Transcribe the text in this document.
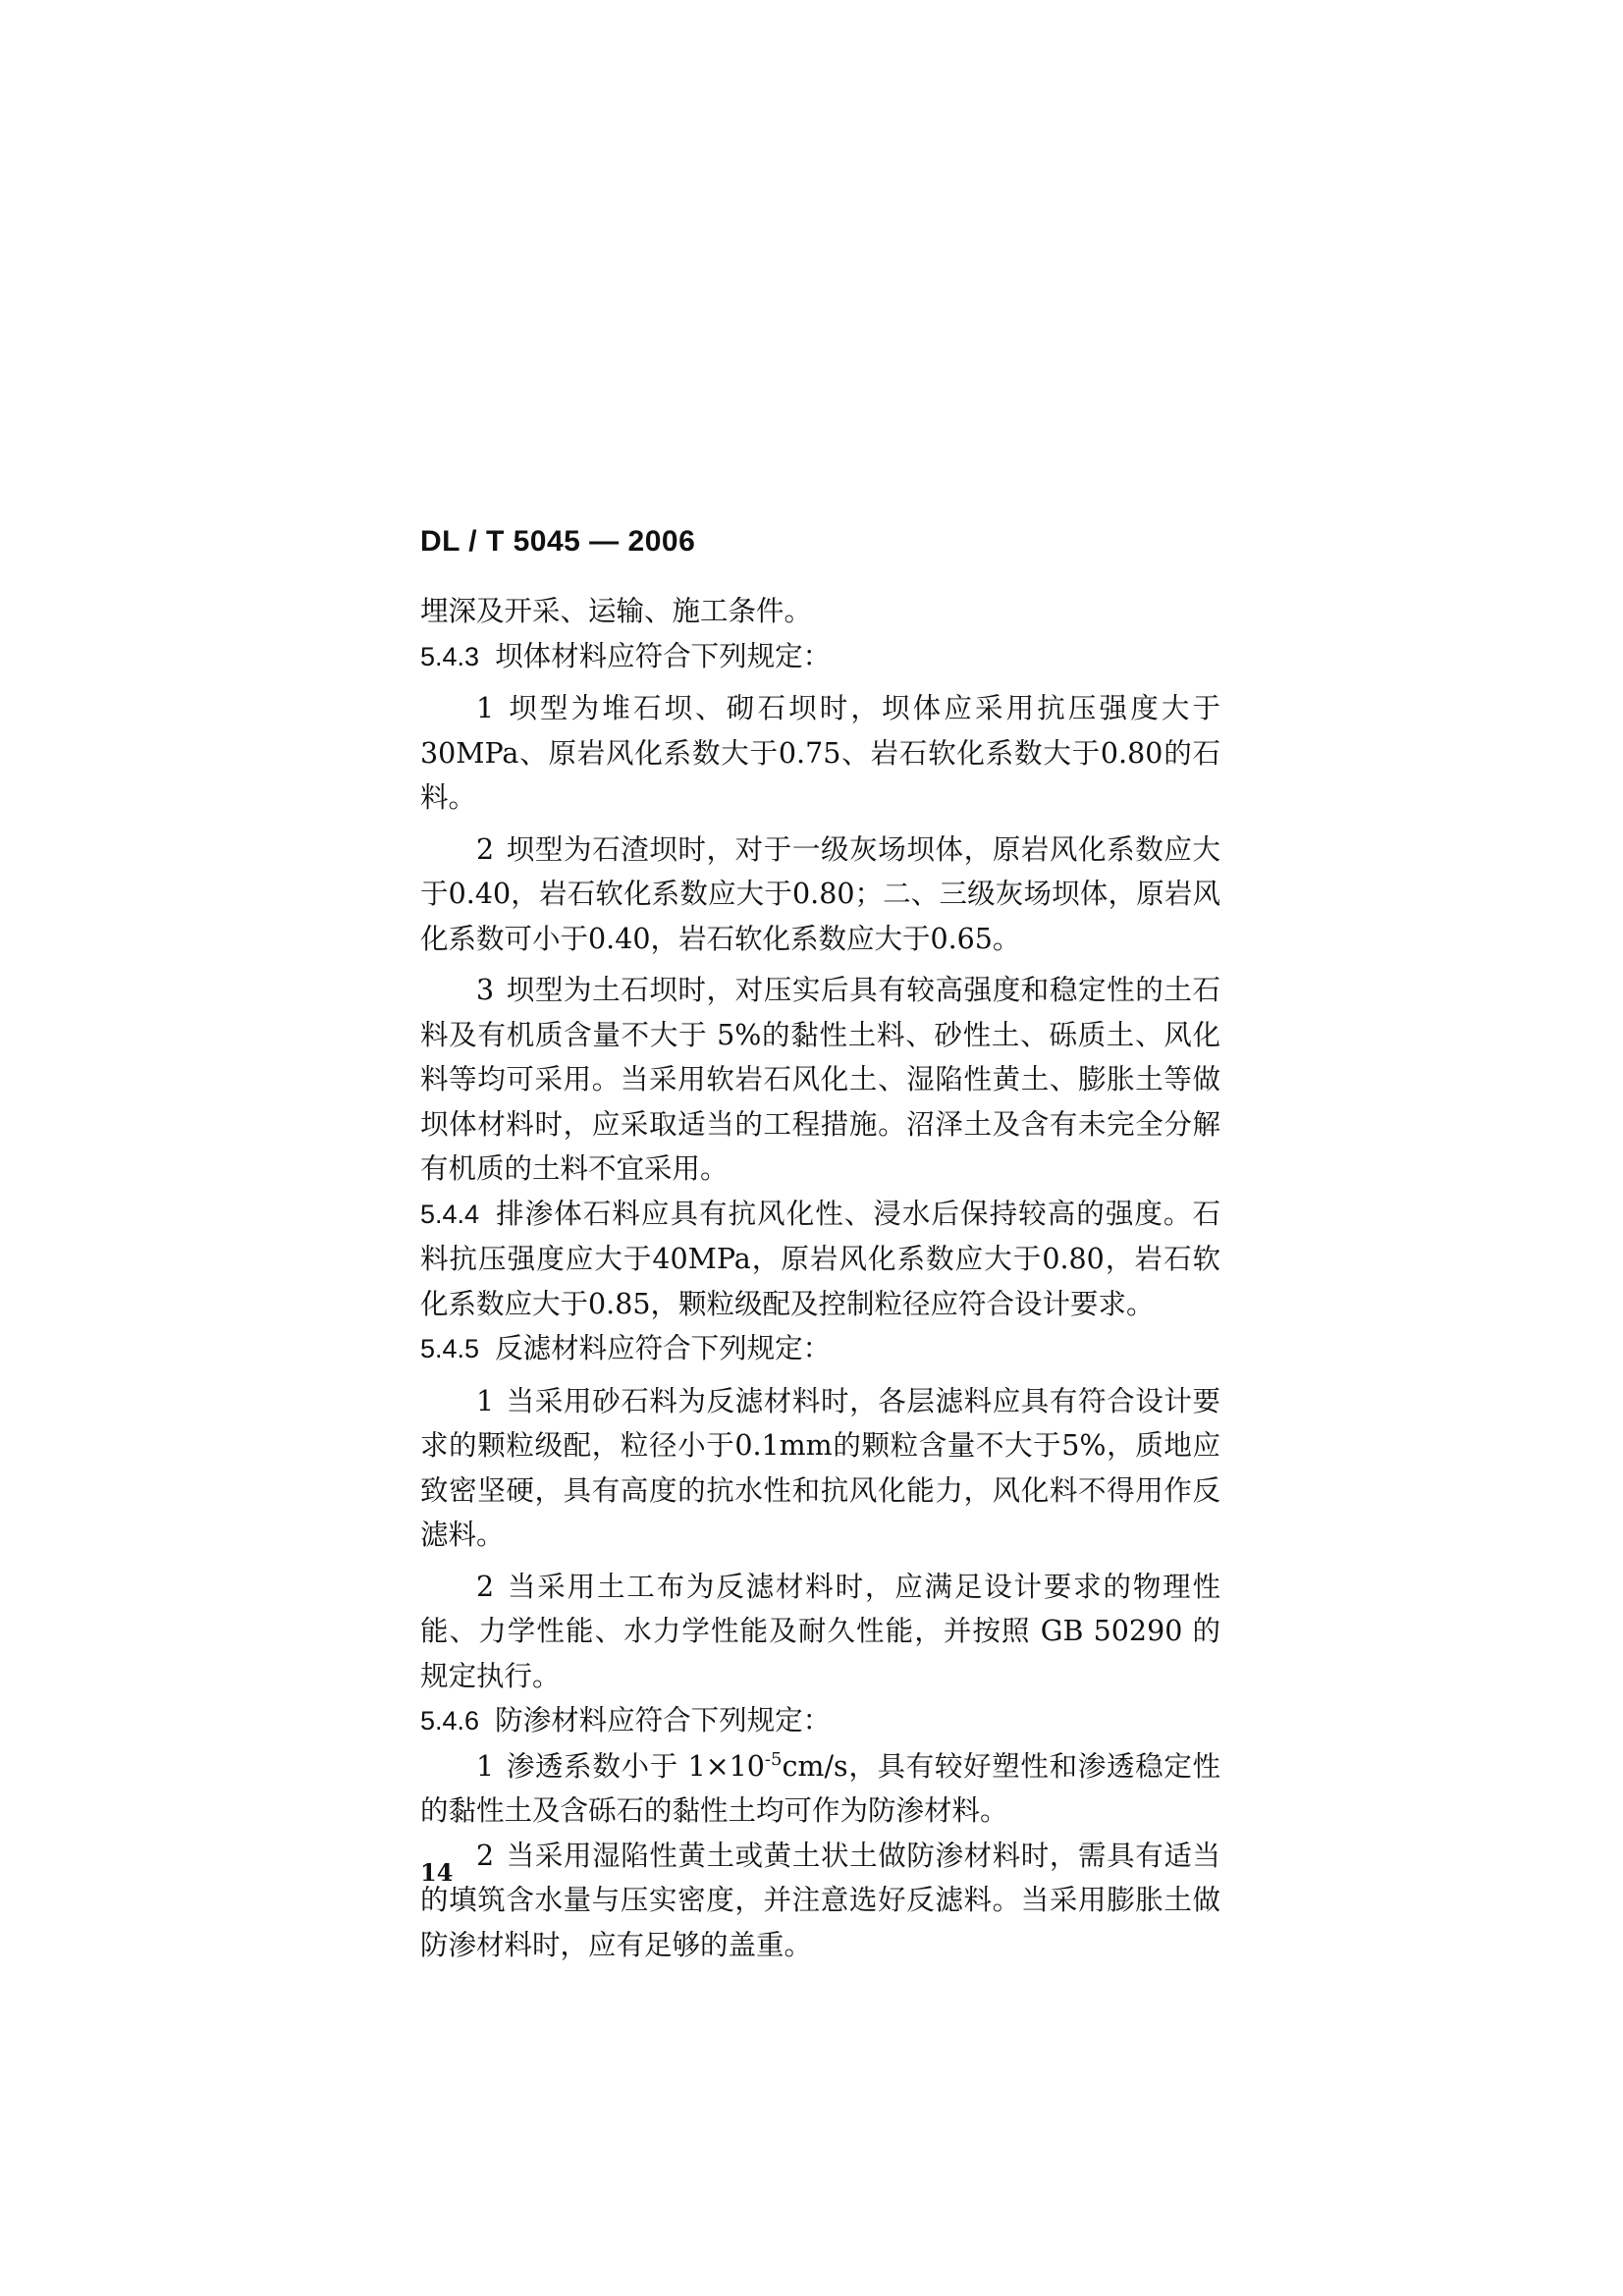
DL / T 5045 — 2006

埋深及开采、运输、施工条件。

5.4.3 坝体材料应符合下列规定：

1 坝型为堆石坝、砌石坝时，坝体应采用抗压强度大于30MPa、原岩风化系数大于0.75、岩石软化系数大于0.80的石料。

2 坝型为石渣坝时，对于一级灰场坝体，原岩风化系数应大于0.40，岩石软化系数应大于0.80；二、三级灰场坝体，原岩风化系数可小于0.40，岩石软化系数应大于0.65。

3 坝型为土石坝时，对压实后具有较高强度和稳定性的土石料及有机质含量不大于 5%的黏性土料、砂性土、砾质土、风化料等均可采用。当采用软岩石风化土、湿陷性黄土、膨胀土等做坝体材料时，应采取适当的工程措施。沼泽土及含有未完全分解有机质的土料不宜采用。

5.4.4 排渗体石料应具有抗风化性、浸水后保持较高的强度。石料抗压强度应大于40MPa，原岩风化系数应大于0.80，岩石软化系数应大于0.85，颗粒级配及控制粒径应符合设计要求。

5.4.5 反滤材料应符合下列规定：

1 当采用砂石料为反滤材料时，各层滤料应具有符合设计要求的颗粒级配，粒径小于0.1mm的颗粒含量不大于5%，质地应致密坚硬，具有高度的抗水性和抗风化能力，风化料不得用作反滤料。

2 当采用土工布为反滤材料时，应满足设计要求的物理性能、力学性能、水力学性能及耐久性能，并按照 GB 50290 的规定执行。

5.4.6 防渗材料应符合下列规定：

1 渗透系数小于 $1\times 10^{-5}cm/s$，具有较好塑性和渗透稳定性的黏性土及含砾石的黏性土均可作为防渗材料。

2 当采用湿陷性黄土或黄土状土做防渗材料时，需具有适当的填筑含水量与压实密度，并注意选好反滤料。当采用膨胀土做防渗材料时，应有足够的盖重。

14
